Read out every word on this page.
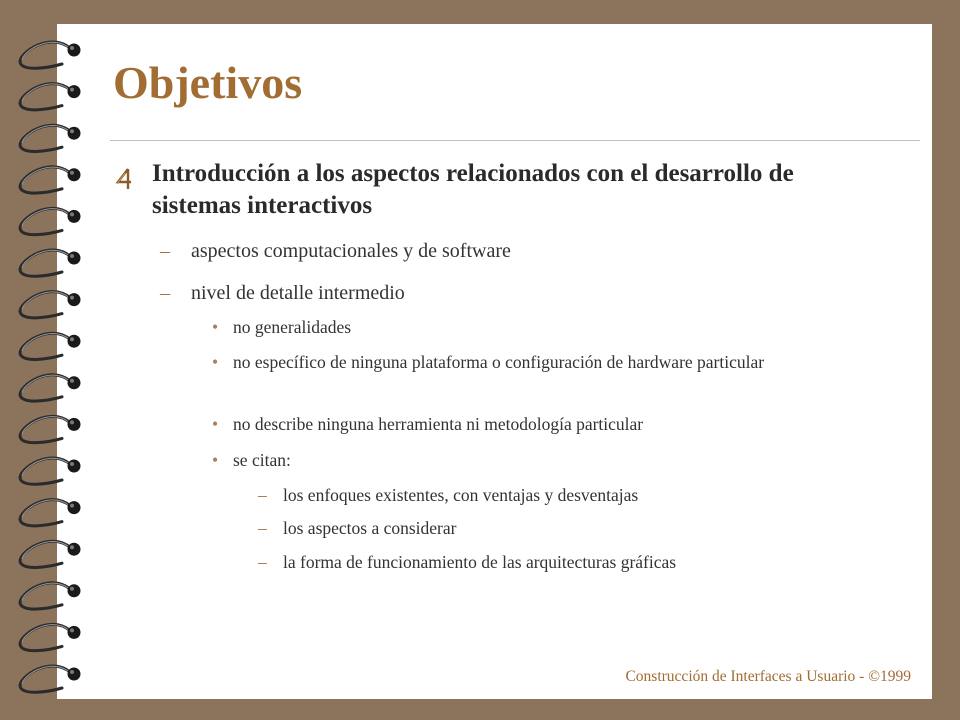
Objetivos
Introducción a los aspectos relacionados con el desarrollo de sistemas interactivos
– aspectos computacionales y de software
– nivel de detalle intermedio
• no generalidades
• no específico de ninguna plataforma o configuración de hardware particular
• no describe ninguna herramienta ni metodología particular
• se citan:
– los enfoques existentes, con ventajas y desventajas
– los aspectos a considerar
– la forma de funcionamiento de las arquitecturas gráficas
Construcción de Interfaces a Usuario - ©1999
